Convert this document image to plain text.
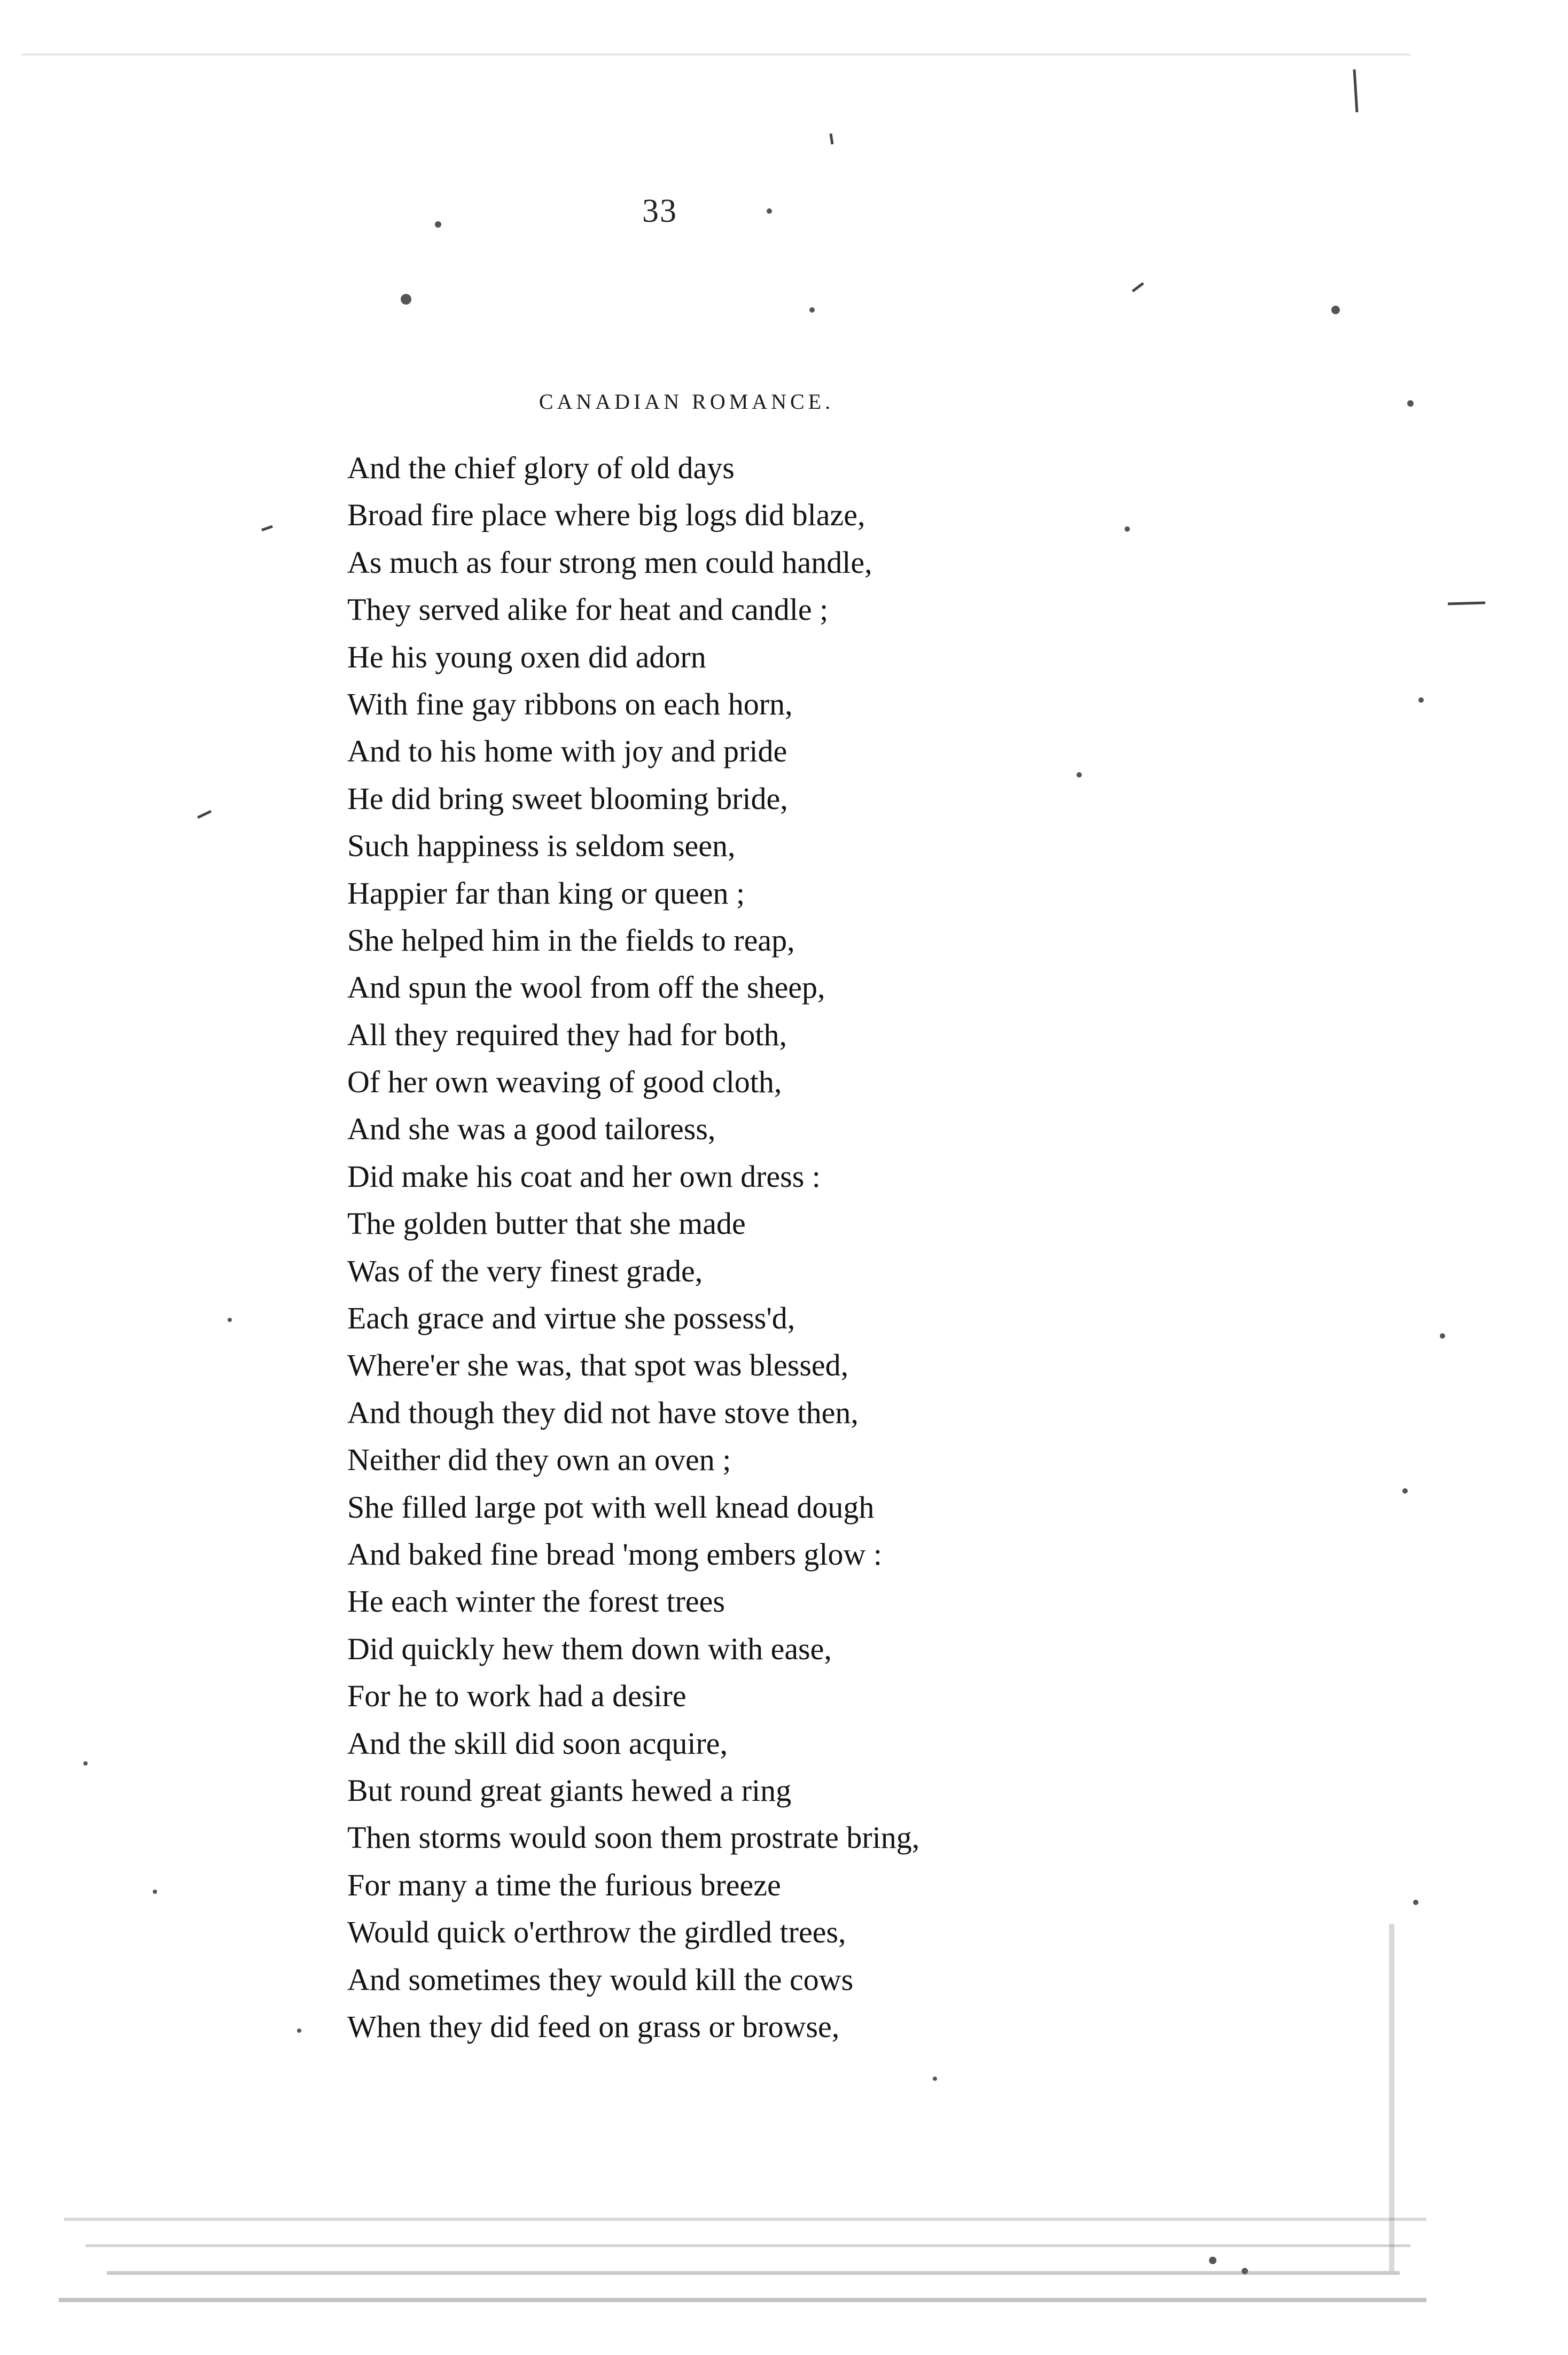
33
CANADIAN ROMANCE.
And the chief glory of old days
Broad fire place where big logs did blaze,
As much as four strong men could handle,
They served alike for heat and candle ;
He his young oxen did adorn
With fine gay ribbons on each horn,
And to his home with joy and pride
He did bring sweet blooming bride,
Such happiness is seldom seen,
Happier far than king or queen ;
She helped him in the fields to reap,
And spun the wool from off the sheep,
All they required they had for both,
Of her own weaving of good cloth,
And she was a good tailoress,
Did make his coat and her own dress :
The golden butter that she made
Was of the very finest grade,
Each grace and virtue she possess'd,
Where'er she was, that spot was blessed,
And though they did not have stove then,
Neither did they own an oven ;
She filled large pot with well knead dough
And baked fine bread 'mong embers glow :
He each winter the forest trees
Did quickly hew them down with ease,
For he to work had a desire
And the skill did soon acquire,
But round great giants hewed a ring
Then storms would soon them prostrate bring,
For many a time the furious breeze
Would quick o'erthrow the girdled trees,
And sometimes they would kill the cows
When they did feed on grass or browse,
